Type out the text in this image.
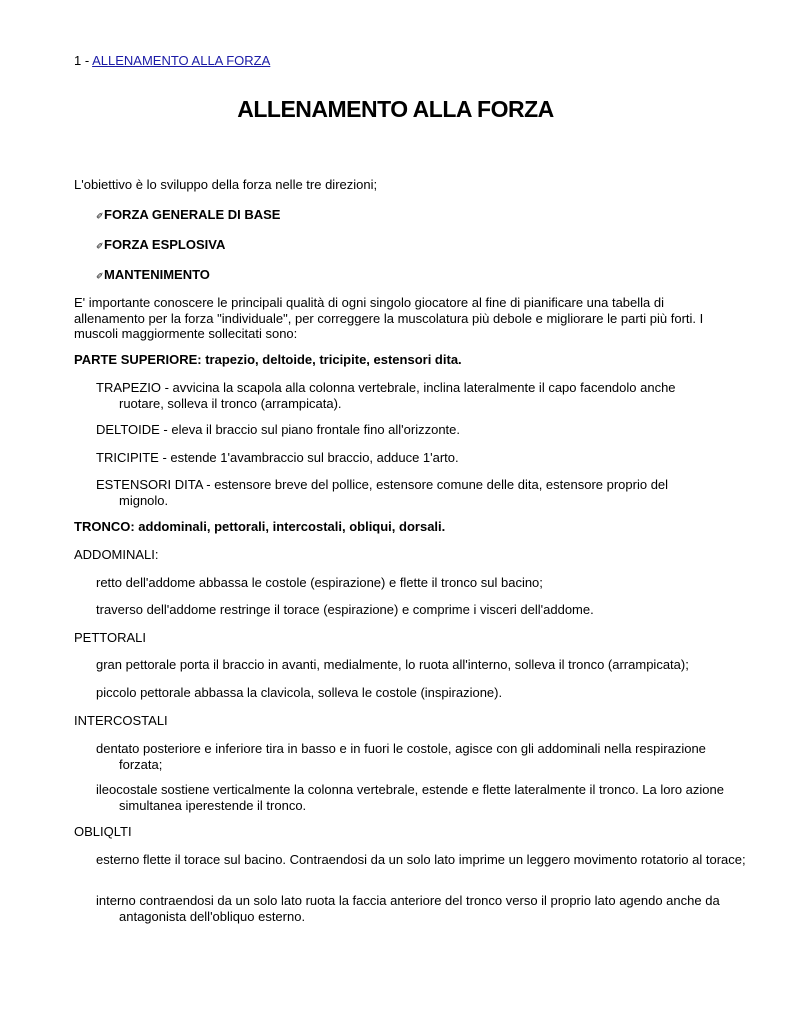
1 - ALLENAMENTO ALLA FORZA
ALLENAMENTO ALLA FORZA

L'obiettivo è lo sviluppo della forza nelle tre direzioni;

✐FORZA GENERALE DI BASE

✐FORZA ESPLOSIVA

✐MANTENIMENTO

E' importante conoscere le principali qualità di ogni singolo giocatore al fine di pianificare una tabella di allenamento per la forza "individuale", per correggere la muscolatura più debole e migliorare le parti più forti. I muscoli maggiormente sollecitati sono:

PARTE SUPERIORE: trapezio, deltoide, tricipite, estensori dita.

TRAPEZIO - avvicina la scapola alla colonna vertebrale, inclina lateralmente il capo facendolo anche ruotare, solleva il tronco (arrampicata).

DELTOIDE - eleva il braccio sul piano frontale fino all'orizzonte.

TRICIPITE - estende 1'avambraccio sul braccio, adduce 1'arto.

ESTENSORI DITA - estensore breve del pollice, estensore comune delle dita, estensore proprio del mignolo.

TRONCO: addominali, pettorali, intercostali, obliqui, dorsali.

ADDOMINALI:

retto dell'addome abbassa le costole (espirazione) e flette il tronco sul bacino;

traverso dell'addome restringe il torace (espirazione) e comprime i visceri dell'addome.

PETTORALI

gran pettorale porta il braccio in avanti, medialmente, lo ruota all'interno, solleva il tronco (arrampicata);

piccolo pettorale abbassa la clavicola, solleva le costole (inspirazione).

INTERCOSTALI

dentato posteriore e inferiore tira in basso e in fuori le costole, agisce con gli addominali nella respirazione forzata;

ileocostale sostiene verticalmente la colonna vertebrale, estende e flette lateralmente il tronco. La loro azione simultanea iperestende il tronco.

OBLIQLTI

esterno flette il torace sul bacino. Contraendosi da un solo lato imprime un leggero movimento rotatorio al torace;

interno contraendosi da un solo lato ruota la faccia anteriore del tronco verso il proprio lato agendo anche da antagonista dell'obliquo esterno.
